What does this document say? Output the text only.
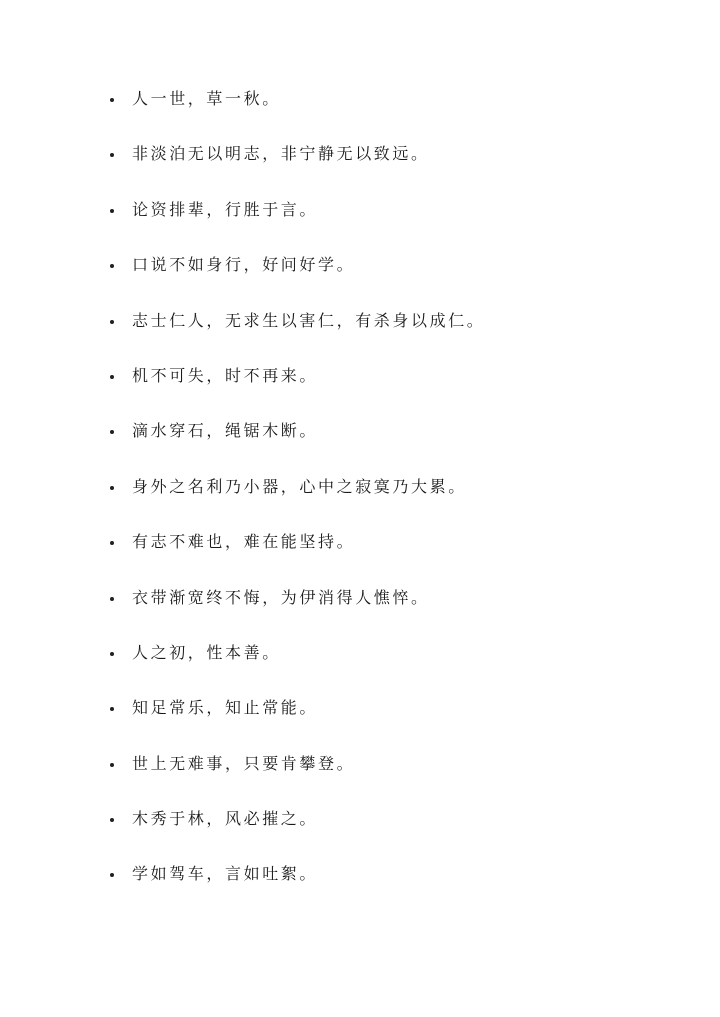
人一世，草一秋。
非淡泊无以明志，非宁静无以致远。
论资排辈，行胜于言。
口说不如身行，好问好学。
志士仁人，无求生以害仁，有杀身以成仁。
机不可失，时不再来。
滴水穿石，绳锯木断。
身外之名利乃小器，心中之寂寞乃大累。
有志不难也，难在能坚持。
衣带渐宽终不悔，为伊消得人憔悴。
人之初，性本善。
知足常乐，知止常能。
世上无难事，只要肯攀登。
木秀于林，风必摧之。
学如驾车，言如吐絮。
